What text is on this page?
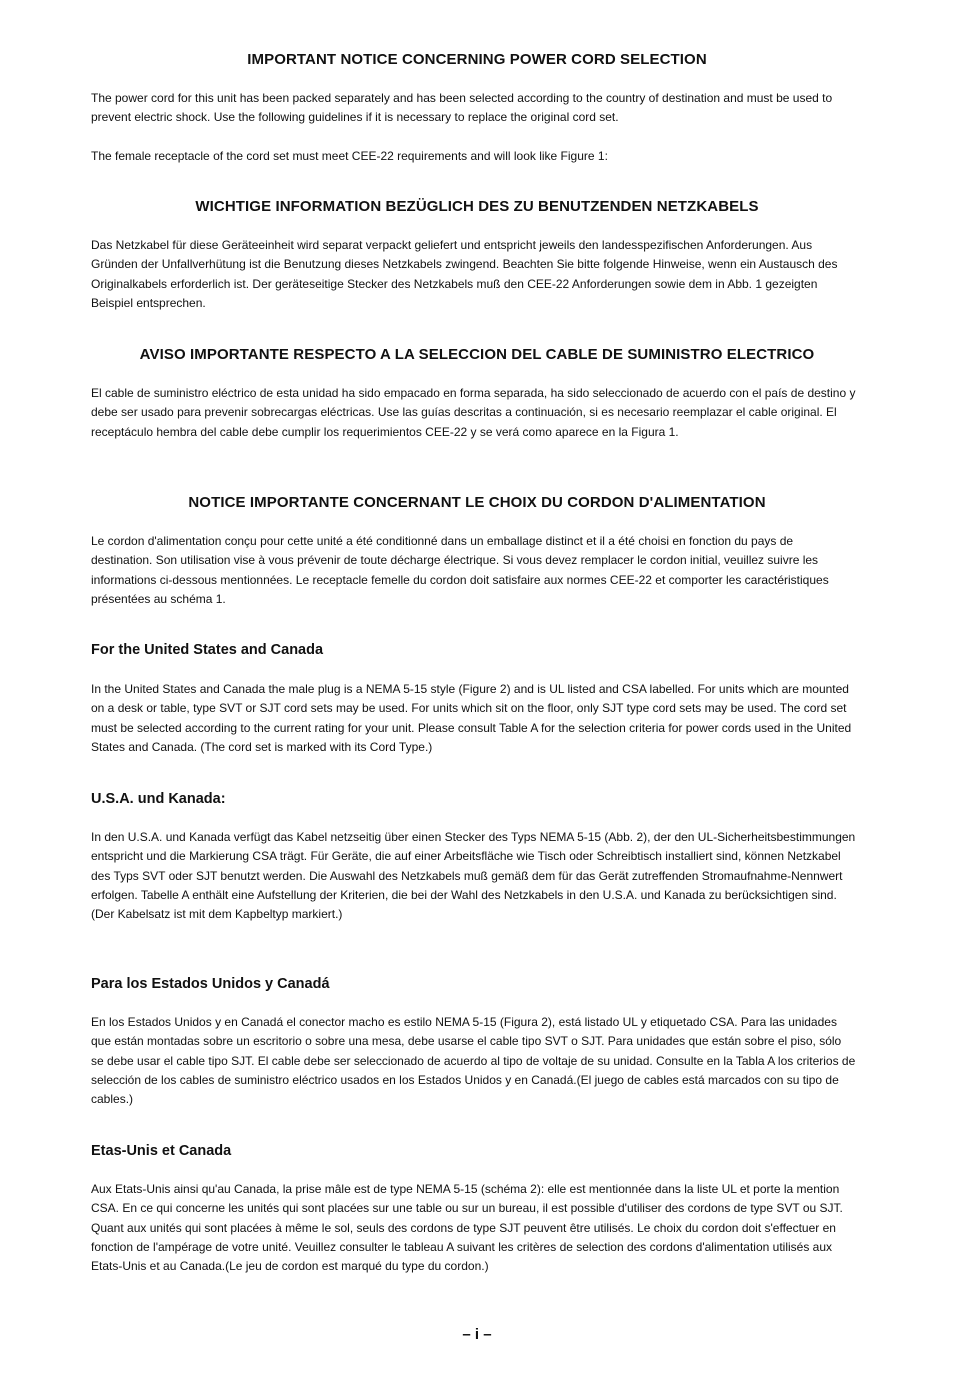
IMPORTANT NOTICE CONCERNING POWER CORD SELECTION
The power cord for this unit has been packed separately and has been selected according to the country of destination and must be used to prevent electric shock. Use the following guidelines if it is necessary to replace the original cord set.
The female receptacle of the cord set must meet CEE-22 requirements and will look like Figure 1:
WICHTIGE INFORMATION BEZÜGLICH DES ZU BENUTZENDEN NETZKABELS
Das Netzkabel für diese Geräteeinheit wird separat verpackt geliefert und entspricht jeweils den landesspezifischen Anforderungen. Aus Gründen der Unfallverhütung ist die Benutzung dieses Netzkabels zwingend. Beachten Sie bitte folgende Hinweise, wenn ein Austausch des Originalkabels erforderlich ist. Der geräteseitige Stecker des Netzkabels muß den CEE-22 Anforderungen sowie dem in Abb. 1 gezeigten Beispiel entsprechen.
AVISO IMPORTANTE RESPECTO A LA SELECCION DEL CABLE DE SUMINISTRO ELECTRICO
El cable de suministro eléctrico de esta unidad ha sido empacado en forma separada, ha sido seleccionado de acuerdo con el país de destino y debe ser usado para prevenir sobrecargas eléctricas. Use las guías descritas a continuación, si es necesario reemplazar el cable original. El receptáculo hembra del cable debe cumplir los requerimientos CEE-22 y se verá como aparece en la Figura 1.
NOTICE IMPORTANTE CONCERNANT LE CHOIX DU CORDON D'ALIMENTATION
Le cordon d'alimentation conçu pour cette unité a été conditionné dans un emballage distinct et il a été choisi en fonction du pays de destination. Son utilisation vise à vous prévenir de toute décharge électrique. Si vous devez remplacer le cordon initial, veuillez suivre les informations ci-dessous mentionnées. Le receptacle femelle du cordon doit satisfaire aux normes CEE-22 et comporter les caractéristiques présentées au schéma 1.
For the United States and Canada
In the United States and Canada the male plug is a NEMA 5-15 style (Figure 2) and is UL listed and CSA labelled. For units which are mounted on a desk or table, type SVT or SJT cord sets may be used. For units which sit on the floor, only SJT type cord sets may be used. The cord set must be selected according to the current rating for your unit. Please consult Table A for the selection criteria for power cords used in the United States and Canada. (The cord set is marked with its Cord Type.)
U.S.A. und Kanada:
In den U.S.A. und Kanada verfügt das Kabel netzseitig über einen Stecker des Typs NEMA 5-15 (Abb. 2), der den UL-Sicherheitsbestimmungen entspricht und die Markierung CSA trägt. Für Geräte, die auf einer Arbeitsfläche wie Tisch oder Schreibtisch installiert sind, können Netzkabel des Typs SVT oder SJT benutzt werden. Die Auswahl des Netzkabels muß gemäß dem für das Gerät zutreffenden Stromaufnahme-Nennwert erfolgen. Tabelle A enthält eine Aufstellung der Kriterien, die bei der Wahl des Netzkabels in den U.S.A. und Kanada zu berücksichtigen sind. (Der Kabelsatz ist mit dem Kapbeltyp markiert.)
Para los Estados Unidos y Canadá
En los Estados Unidos y en Canadá el conector macho es estilo NEMA 5-15 (Figura 2), está listado UL y etiquetado CSA. Para las unidades que están montadas sobre un escritorio o sobre una mesa, debe usarse el cable tipo SVT o SJT. Para unidades que están sobre el piso, sólo se debe usar el cable tipo SJT. El cable debe ser seleccionado de acuerdo al tipo de voltaje de su unidad. Consulte en la Tabla A los criterios de selección de los cables de suministro eléctrico usados en los Estados Unidos y en Canadá.(El juego de cables está marcados con su tipo de cables.)
Etas-Unis et Canada
Aux Etats-Unis ainsi qu'au Canada, la prise mâle est de type NEMA 5-15 (schéma 2): elle est mentionnée dans la liste UL et porte la mention CSA. En ce qui concerne les unités qui sont placées sur une table ou sur un bureau, il est possible d'utiliser des cordons de type SVT ou SJT. Quant aux unités qui sont placées à même le sol, seuls des cordons de type SJT peuvent être utilisés. Le choix du cordon doit s'effectuer en fonction de l'ampérage de votre unité. Veuillez consulter le tableau A suivant les critères de selection des cordons d'alimentation utilisés aux Etats-Unis et au Canada.(Le jeu de cordon est marqué du type du cordon.)
– i –
